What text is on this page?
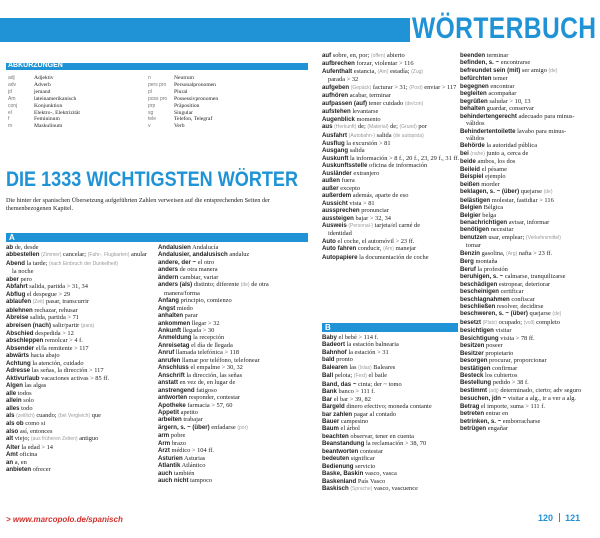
WÖRTERBUCH
ABKÜRZUNGEN
adj	Adjektiv
adv	Adverb
jd	jemand
Am	lateinamerikanisch
conj	Konjunktion
el	Elektro-, Elektrizität
f	Femininum
m	Maskulinum
n	Neutrum
pers pro Personalpronomen
pl	Plural
poss pro Possessivpronomen
prp	Präposition
sg	Singular
tele	Telefon, Telegraf
v	Verb
DIE 1333 WICHTIGSTEN WÖRTER
Die hinter der spanischen Übersetzung aufgeführten Zahlen verweisen auf die entsprechenden Seiten der themenbezogenen Kapitel.
A
B
ab de, desde
abbestellen (Zimmer) cancelar; (Fahr-, Flugkarten) anular
Abend la tarde; (nach Einbruch der Dunkelheit)
la noche
aber pero
Abfahrt salida, partida > 31, 34
Abflug el despegue > 29
ablaufen (Zeit) pasar, transcurrir
ablehnen rechazar, rehusar
Abreise salida, partida > 71
abreisen (nach) salir/partir (para)
Abschied despedida > 12
abschleppen remolcar > 4 f.
Absender el/la remitente > 117
abwärts hacia abajo
Achtung la atención, cuidado
Adresse las señas, la dirección > 117
Aktivurlaub vacaciones activas > 85 ff.
Algen las algas
alle todos
allein solo
alles todo
als (zeitlich) cuando; (bei Vergleich) que
als ob como si
also así, entonces
alt viejo; (aus früheren Zeiten) antiguo
Alter la edad > 14
Amt oficina
an a, en
anbieten ofrecer
Andalusien Andalucía
Andalusier, andalusisch andaluz
andere, der ~ el otro
anders de otra manera
ändern cambiar, variar
anders (als) distinto; diferente (de) de otra
manera/forma
Anfang principio, comienzo
Angst miedo
anhalten parar
ankommen llegar > 32
Ankunft llegada > 30
Anmeldung la recepción
Anreisetag el día de llegada
Anruf llamada telefónica > 118
anrufen llamar por teléfono, telefonear
Anschluss el empalme > 30, 32
Anschrift la dirección, las señas
anstatt en vez de, en lugar de
anstrengend fatigoso
antworten responder, contestar
Apotheke farmacia > 57, 60
Appetit apetito
arbeiten trabajar
ärgern, s. ~ (über) enfadarse (por)
arm pobre
Arm brazo
Arzt médico > 104 ff.
Asturien Asturias
Atlantik Atlántico
auch también
auch nicht tampoco
auf sobre, en, por; (offen) abierto
aufbrechen forzar, violentar > 116
Aufenthalt estancia, (Am) estadía; (Zug)
parada > 32
aufgeben (Gepäck) facturar > 31; (Post) enviar > 117
aufhören acabar, terminar
aufpassen (auf) tener cuidado (de/con)
aufstehen levantarse
Augenblick momento
aus (Herkunft) de; (Material) de; (Grund) por
Ausfahrt (Autobahn-) salida (de autopista)
Ausflug la excursión > 81
Ausgang salida
Auskunft la información > 8 f., 20 f., 23, 29 f., 31 ff.
Auskunftsstelle oficina de información
Ausländer extranjero
außen fuera
außer excepto
außerdem además, aparte de eso
Aussicht vista > 81
aussprechen pronunciar
aussteigen bajar > 32, 34
Ausweis (Personal-) tarjeta/el carné de
identidad
Auto el coche, el automóvil > 23 ff.
Auto fahren conducir, (Am) manejar
Autopapiere la documentación de coche
Baby el bebé > 114 f.
Badeort la estación balnearia
Bahnhof la estación > 31
bald pronto
Balearen las (Islas) Baleares
Ball pelota; (Fest) el baile
Band, das ~ cinta; der ~ tomo
Bank banco > 111 f.
Bar el bar > 39, 82
Bargeld dinero efectivo; moneda contante
bar zahlen pagar al contado
Bauer campesino
Baum el árbol
beachten observar, tener en cuenta
Beanstandung la reclamación > 38, 70
beantworten contestar
bedeuten significar
Bedienung servicio
Baske, Baskin vasco, vasca
Baskenland País Vasco
Baskisch (Sprache) vasco, vascuence
beenden terminar
befinden, s. ~ encontrarse
befreundet sein (mit) ser amigo (de)
befürchten temer
begegnen encontrar
begleiten acompañar
begrüßen saludar > 10, 13
behalten guardar, conservar
behindertengerecht adecuado para minus-
válidos
Behindertentoilette lavabo para minus-
válidos
Behörde la autoridad pública
bei (nahe) junto a, cerca de
beide ambos, los dos
Beileid el pésame
Beispiel ejemplo
beißen morder
beklagen, s. ~ (über) quejarse (de)
belästigen molestar, fastidiar > 116
Belgien Bélgica
Belgier belga
benachrichtigen avisar, informar
benötigen necesitar
benutzen usar, emplear; (Verkehrsmittel)
tomar
Benzin gasolina, (Arg) nafta > 23 ff.
Berg montaña
Beruf la profesión
beruhigen, s. ~ calmarse, tranquilizarse
beschädigen estropear, deteriorar
bescheinigen certificar
beschlagnahmen confiscar
beschließen resolver, decidirse
beschweren, s. ~ (über) quejarse (de)
besetzt (Platz) ocupado; (voll) completo
besichtigen visitar
Besichtigung visita > 78 ff.
besitzen poseer
Besitzer propietario
besorgen procurar, proporcionar
bestätigen confirmar
Besteck los cubiertos
Bestellung pedido > 38 f.
bestimmt (adj) determinado, cierto; adv seguro
besuchen, jdn ~ visitar a alg., ir a ver a alg.
Betrag el importe, suma > 111 f.
betreten entrar en
betrinken, s. ~ emborracharse
betrügen engañar
> www.marcopolo.de/spanisch	120 121
